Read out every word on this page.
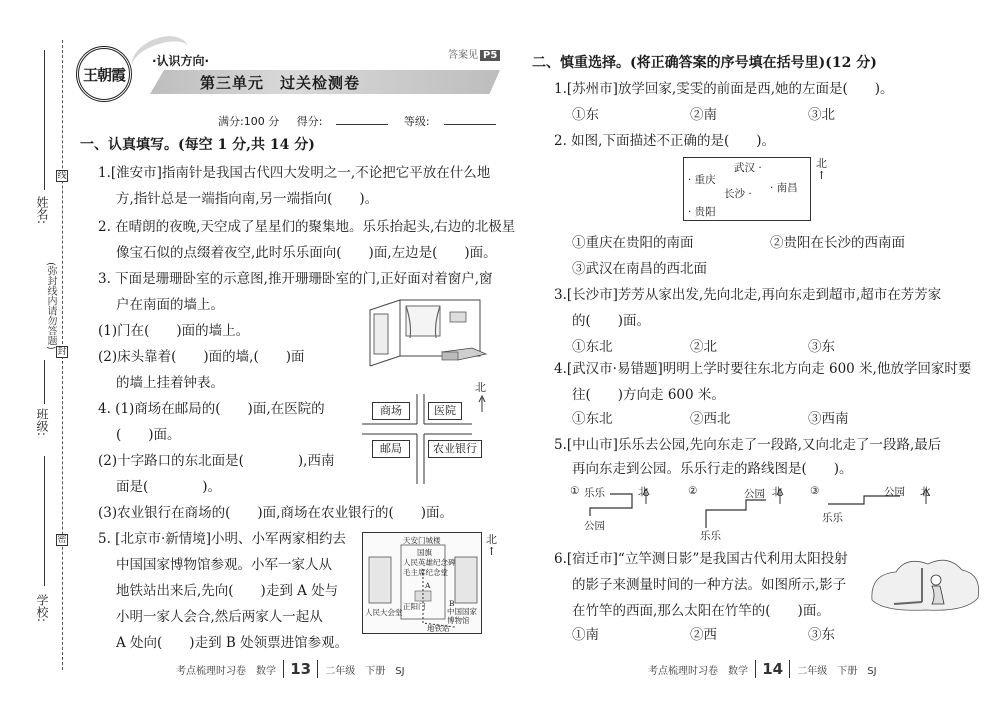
姓名:
(弥封线内请勿答题)
班级:
学校:
线
封
密
王朝霞
·认识方向·	答案见 P5
第三单元　过关检测卷
满分:100 分 得分:	等级:
一、认真填写。(每空 1 分,共 14 分)
1.[淮安市]指南针是我国古代四大发明之一,不论把它平放在什么地
方,指针总是一端指向南,另一端指向(　　)。
2. 在晴朗的夜晚,天空成了星星们的聚集地。乐乐抬起头,右边的北极星
像宝石似的点缀着夜空,此时乐乐面向(　　)面,左边是(　　)面。
3. 下面是珊珊卧室的示意图,推开珊珊卧室的门,正好面对着窗户,窗
户在南面的墙上。
(1)门在(　　)面的墙上。
(2)床头靠着(　　)面的墙,(　　)面
的墙上挂着钟表。
4. (1)商场在邮局的(　　)面,在医院的
(　　)面。
(2)十字路口的东北面是(　　　　),西南
面是(　　　　)。
(3)农业银行在商场的(　　)面,商场在农业银行的(　　)面。
5. [北京市·新情境]小明、小军两家相约去
中国国家博物馆参观。小军一家人从
地铁站出来后,先向(　　)走到 A 处与
小明一家人会合,然后两家人一起从
A 处向(　　)走到 B 处领票进馆参观。
商场	医院
邮局	农业银行
北
天安门城楼
国旗
人民英雄纪念碑
毛主席纪念堂
A
正阳门
人民大会堂
B
中国国家博物馆
地铁站
北
↑
考点梳理时习卷　数学 13 二年级　下册　SJ
二、慎重选择。(将正确答案的序号填在括号里)(12 分)
1.[苏州市]放学回家,雯雯的前面是西,她的左面是(　　)。
①东	②南	③北
2. 如图,下面描述不正确的是(　　)。
· 重庆
武汉 ·
长沙 · · 南昌
· 贵阳
北
↑
①重庆在贵阳的南面	②贵阳在长沙的西南面
③武汉在南昌的西北面
3.[长沙市]芳芳从家出发,先向北走,再向东走到超市,超市在芳芳家
的(　　)面。
①东北	②北	③东
4.[武汉市·易错题]明明上学时要往东北方向走 600 米,他放学回家时要
往(　　)方向走 600 米。
①东北	②西北	③西南
5.[中山市]乐乐去公园,先向东走了一段路,又向北走了一段路,最后
再向东走到公园。乐乐行走的路线图是(　　)。
① 乐乐
公园
北	②
乐乐
公园 北	③
乐乐
公园 北
6.[宿迁市]“立竿测日影”是我国古代利用太阳投射
的影子来测量时间的一种方法。如图所示,影子
在竹竿的西面,那么太阳在竹竿的(　　)面。
①南	②西	③东
考点梳理时习卷　数学 14 二年级　下册　SJ
